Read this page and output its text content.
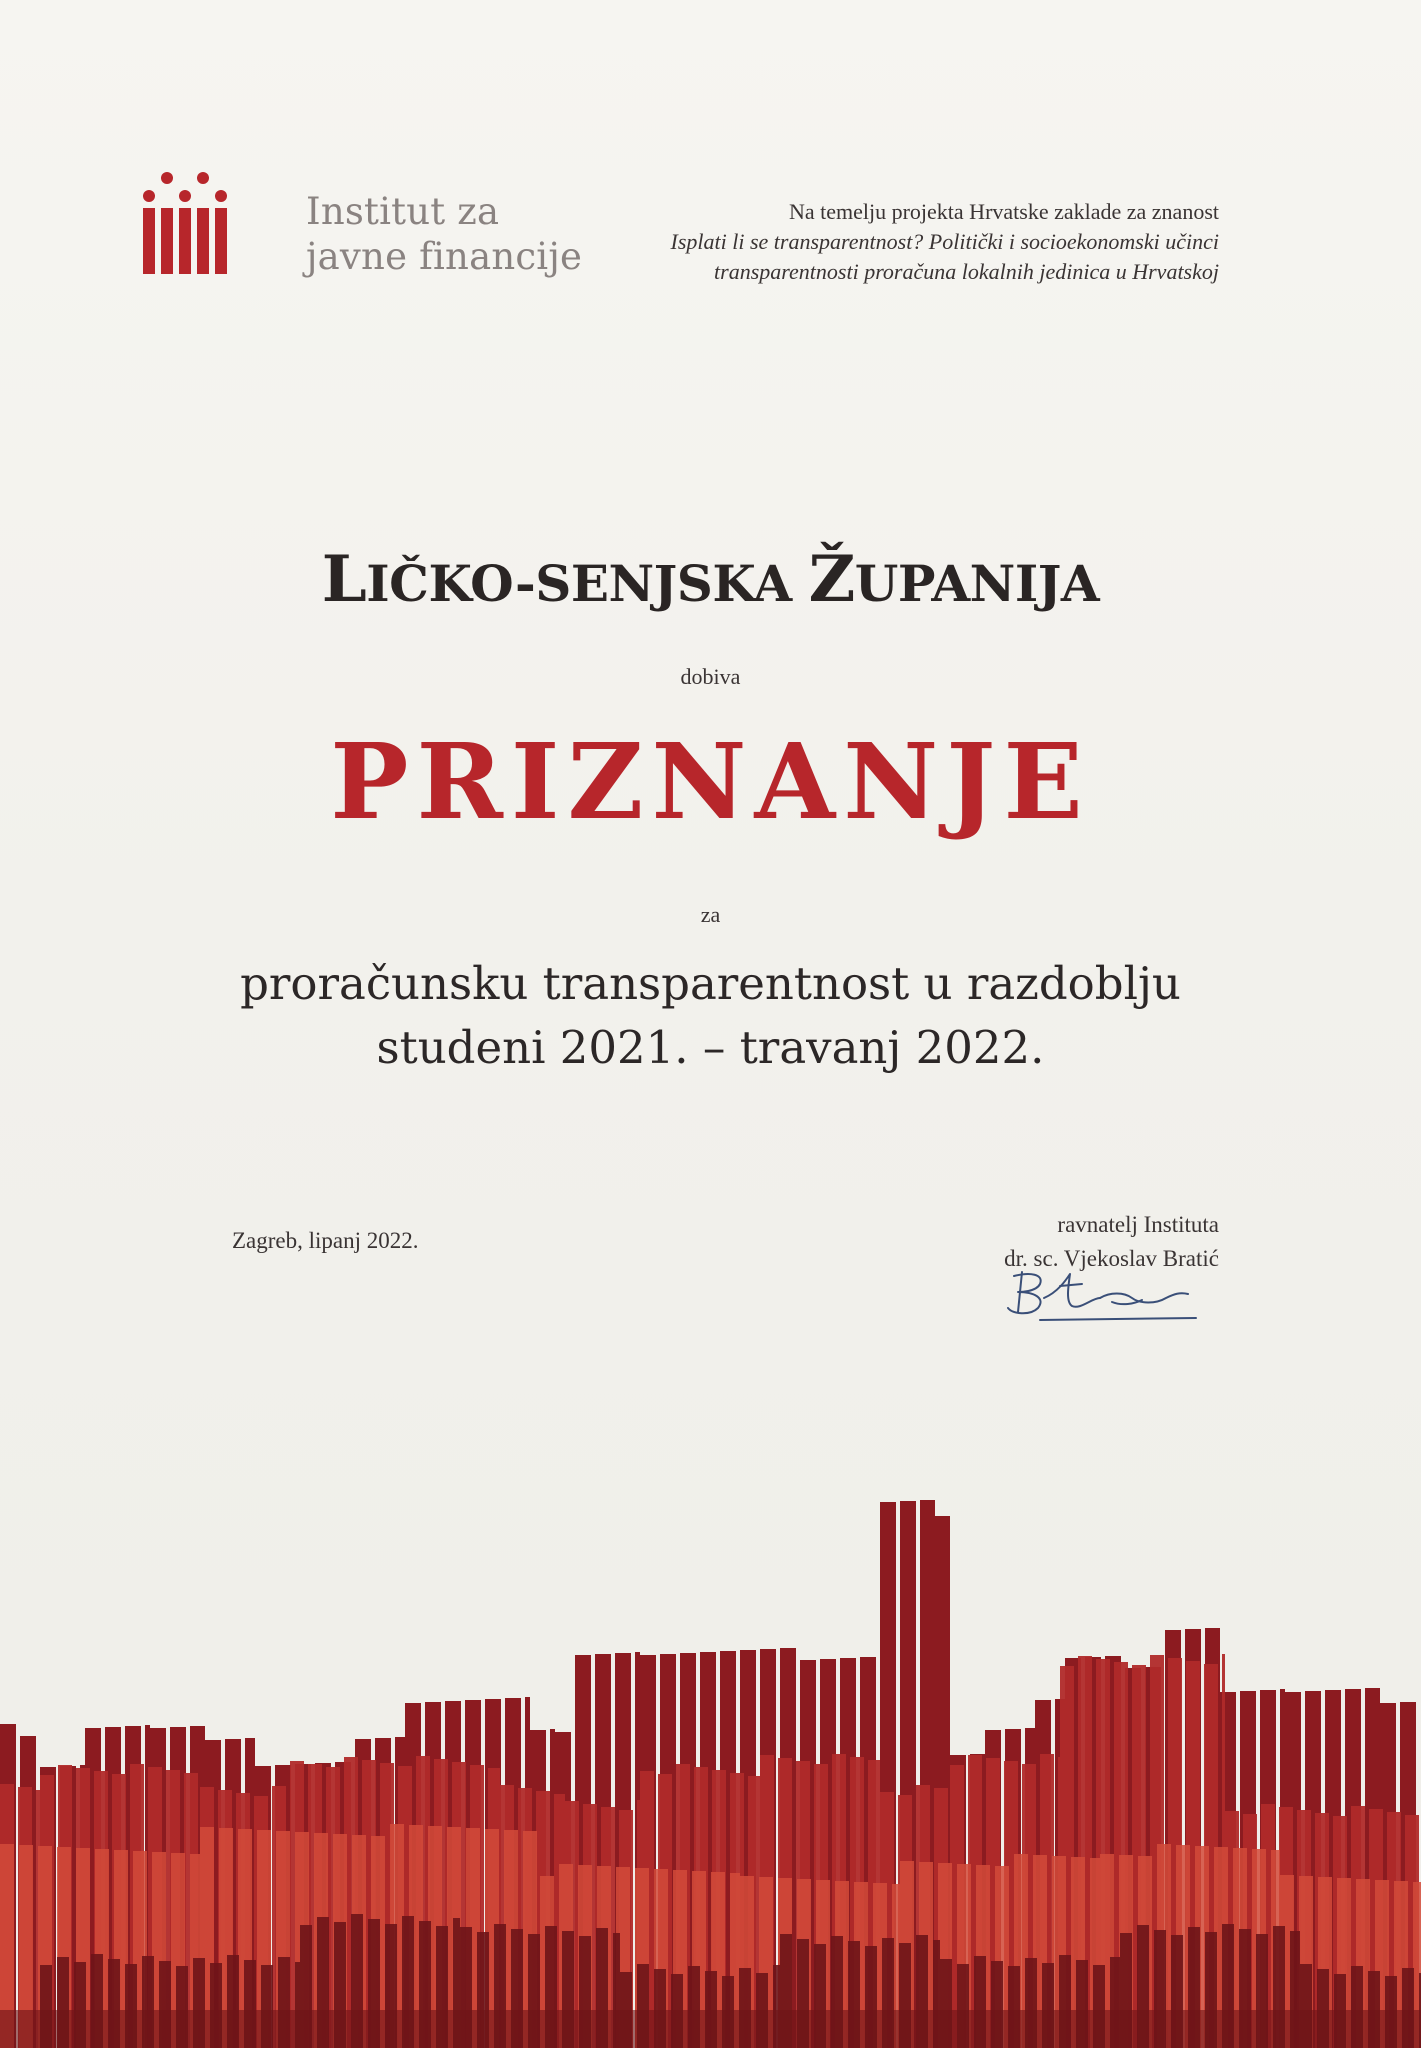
Institut za
javne financije
Na temelju projekta Hrvatske zaklade za znanost
Isplati li se transparentnost? Politički i socioekonomski učinci
transparentnosti proračuna lokalnih jedinica u Hrvatskoj
LIČKO-SENJSKA ŽUPANIJA
dobiva
PRIZNANJE
za
proračunsku transparentnost u razdoblju
studeni 2021. – travanj 2022.
Zagreb, lipanj 2022.
ravnatelj Instituta
dr. sc. Vjekoslav Bratić
